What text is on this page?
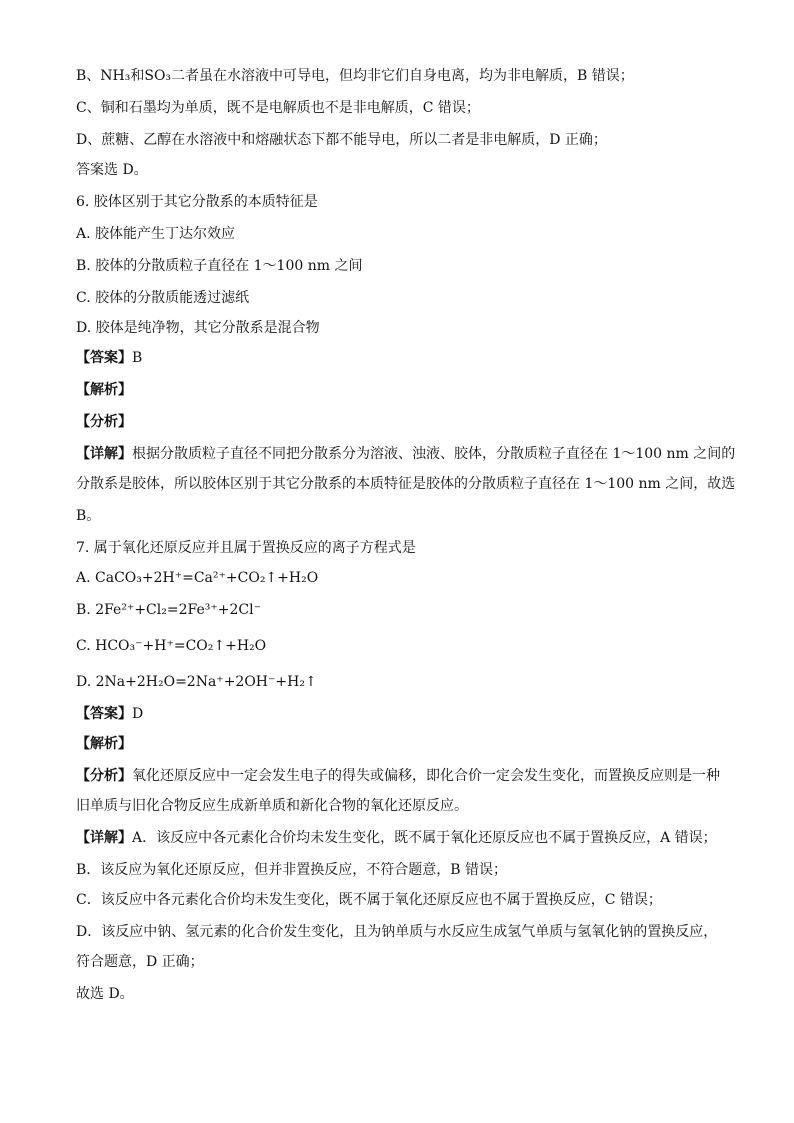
B、NH₃和SO₃二者虽在水溶液中可导电，但均非它们自身电离，均为非电解质，B 错误；
C、铜和石墨均为单质，既不是电解质也不是非电解质，C 错误；
D、蔗糖、乙醇在水溶液中和熔融状态下都不能导电，所以二者是非电解质，D 正确；
答案选 D。
6. 胶体区别于其它分散系的本质特征是
A. 胶体能产生丁达尔效应
B. 胶体的分散质粒子直径在 1～100 nm 之间
C. 胶体的分散质能透过滤纸
D. 胶体是纯净物，其它分散系是混合物
【答案】B
【解析】
【分析】
【详解】根据分散质粒子直径不同把分散系分为溶液、浊液、胶体，分散质粒子直径在 1～100 nm 之间的
分散系是胶体，所以胶体区别于其它分散系的本质特征是胶体的分散质粒子直径在 1～100 nm 之间，故选
B。
7. 属于氧化还原反应并且属于置换反应的离子方程式是
A. CaCO₃+2H⁺=Ca²⁺+CO₂↑+H₂O
B. 2Fe²⁺+Cl₂=2Fe³⁺+2Cl⁻
C. HCO₃⁻+H⁺=CO₂↑+H₂O
D. 2Na+2H₂O=2Na⁺+2OH⁻+H₂↑
【答案】D
【解析】
【分析】氧化还原反应中一定会发生电子的得失或偏移，即化合价一定会发生变化，而置换反应则是一种
旧单质与旧化合物反应生成新单质和新化合物的氧化还原反应。
【详解】A．该反应中各元素化合价均未发生变化，既不属于氧化还原反应也不属于置换反应，A 错误；
B．该反应为氧化还原反应，但并非置换反应，不符合题意，B 错误；
C．该反应中各元素化合价均未发生变化，既不属于氧化还原反应也不属于置换反应，C 错误；
D．该反应中钠、氢元素的化合价发生变化，且为钠单质与水反应生成氢气单质与氢氧化钠的置换反应，
符合题意，D 正确；
故选 D。
